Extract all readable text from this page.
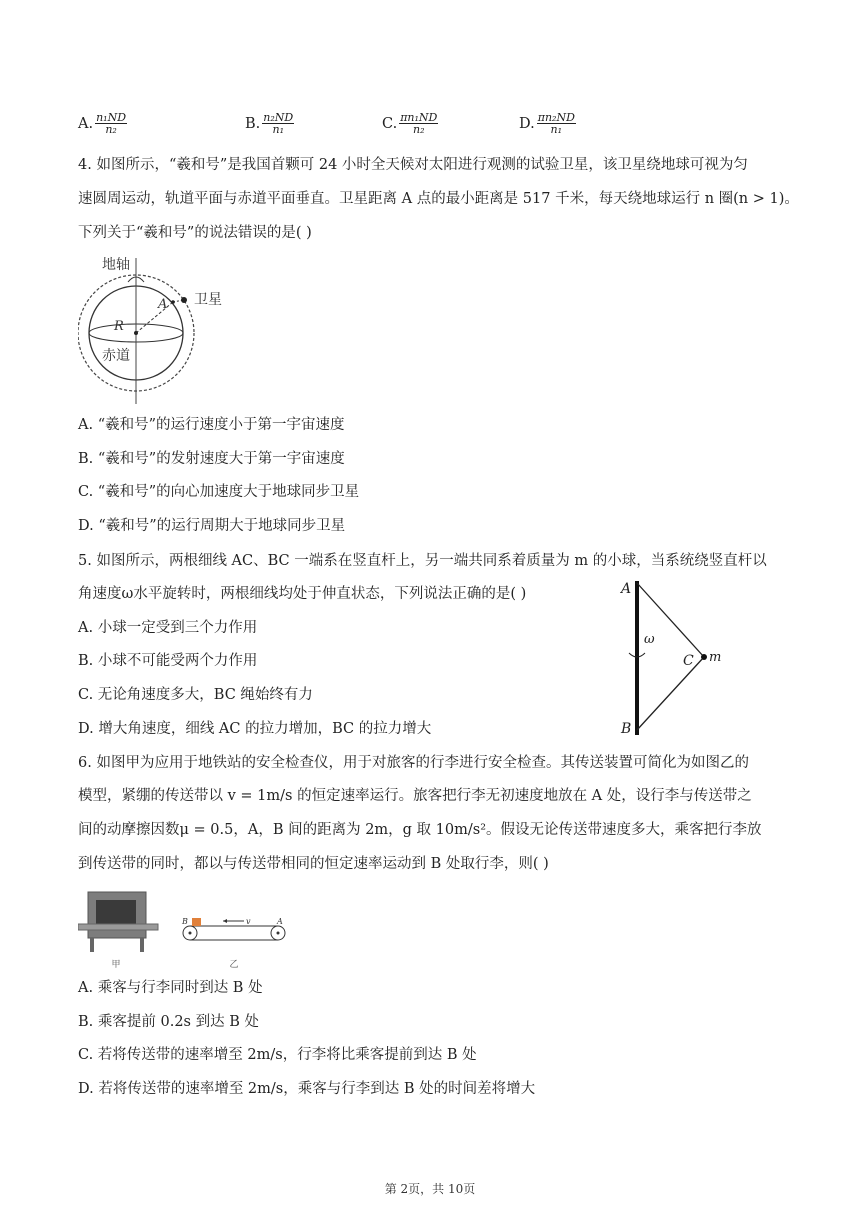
A. $\frac{\text{n₁ND}}{\text{n₂}}$	B. $\frac{\text{n₂ND}}{\text{n₁}}$	C. $\frac{\text{πn₁ND}}{\text{n₂}}$	D. $\frac{\text{πn₂ND}}{\text{n₁}}$
4. 如图所示，“羲和号”是我国首颗可 24 小时全天候对太阳进行观测的试验卫星，该卫星绕地球可视为匀
速圆周运动，轨道平面与赤道平面垂直。卫星距离 A 点的最小距离是 517 千米，每天绕地球运行 n 圈(n > 1)。
下列关于“羲和号”的说法错误的是( )
地轴
卫星
A
R
赤道
A. “羲和号”的运行速度小于第一宇宙速度
B. “羲和号”的发射速度大于第一宇宙速度
C. “羲和号”的向心加速度大于地球同步卫星
D. “羲和号”的运行周期大于地球同步卫星
5. 如图所示，两根细线 AC、BC 一端系在竖直杆上，另一端共同系着质量为 m 的小球，当系统绕竖直杆以
角速度ω水平旋转时，两根细线均处于伸直状态，下列说法正确的是( )
A. 小球一定受到三个力作用
B. 小球不可能受两个力作用
C. 无论角速度多大，BC 绳始终有力
D. 增大角速度，细线 AC 的拉力增加，BC 的拉力增大
A
B
C m
ω
6. 如图甲为应用于地铁站的安全检查仪，用于对旅客的行李进行安全检查。其传送装置可简化为如图乙的
模型，紧绷的传送带以 v = 1m/s 的恒定速率运行。旅客把行李无初速度地放在 A 处，设行李与传送带之
间的动摩擦因数μ = 0.5，A，B 间的距离为 2m，g 取 10m/s²。假设无论传送带速度多大，乘客把行李放
到传送带的同时，都以与传送带相同的恒定速率运动到 B 处取行李，则( )
甲
v
B	A
乙
A. 乘客与行李同时到达 B 处
B. 乘客提前 0.2s 到达 B 处
C. 若将传送带的速率增至 2m/s，行李将比乘客提前到达 B 处
D. 若将传送带的速率增至 2m/s，乘客与行李到达 B 处的时间差将增大
第 2页，共 10页
